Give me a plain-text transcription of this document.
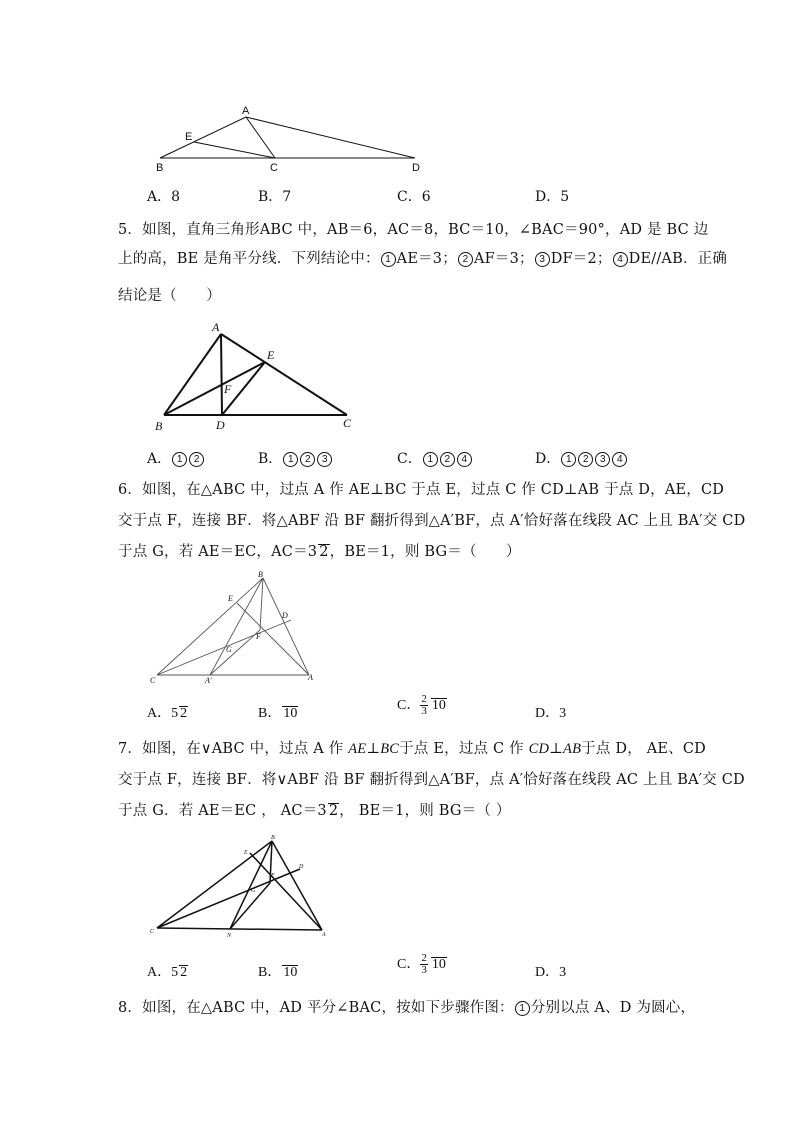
A
E
B	C	D
A．8	B．7	C．6	D．5
5．如图，直角三角形ABC 中，AB＝6，AC＝8，BC＝10，∠BAC＝90°，AD 是 BC 边
上的高，BE 是角平分线．下列结论中： 1 AE＝3； 2 AF＝3； 3 DF＝2； 4 DE//AB．正确
结论是（　　）
A
E
F
B	D	C
A． 1 2	B． 1 2 3	C． 1 2 4	D． 1 2 3 4
6．如图，在△ABC 中，过点 A 作 AE⊥BC 于点 E，过点 C 作 CD⊥AB 于点 D，AE，CD
交于点 F，连接 BF．将△ABF 沿 BF 翻折得到△A′BF，点 A′恰好落在线段 AC 上且 BA′交 CD
于点 G，若 AE＝EC，AC＝3 2，BE＝1，则 BG＝（　　）
B
E
D
F
G
C	A′	A
A．5 2	B． 10
C． $\frac{2}{3} 10$
D．3
7．如图，在∨ABC 中，过点 A 作 AE⊥BC于点 E，过点 C 作 CD⊥AB于点 D， AE、CD
交于点 F，连接 BF．将∨ABF 沿 BF 翻折得到△A′BF，点 A′恰好落在线段 AC 上且 BA′交 CD
于点 G．若 AE＝EC ， AC＝3 2， BE＝1，则 BG＝（ ）
B
E
D
F
G
C
N	A
A．5 2	B． 10
C． $\frac{2}{3} 10$
D．3
8．如图，在△ABC 中，AD 平分∠BAC，按如下步骤作图： 1 分别以点 A、D 为圆心，
